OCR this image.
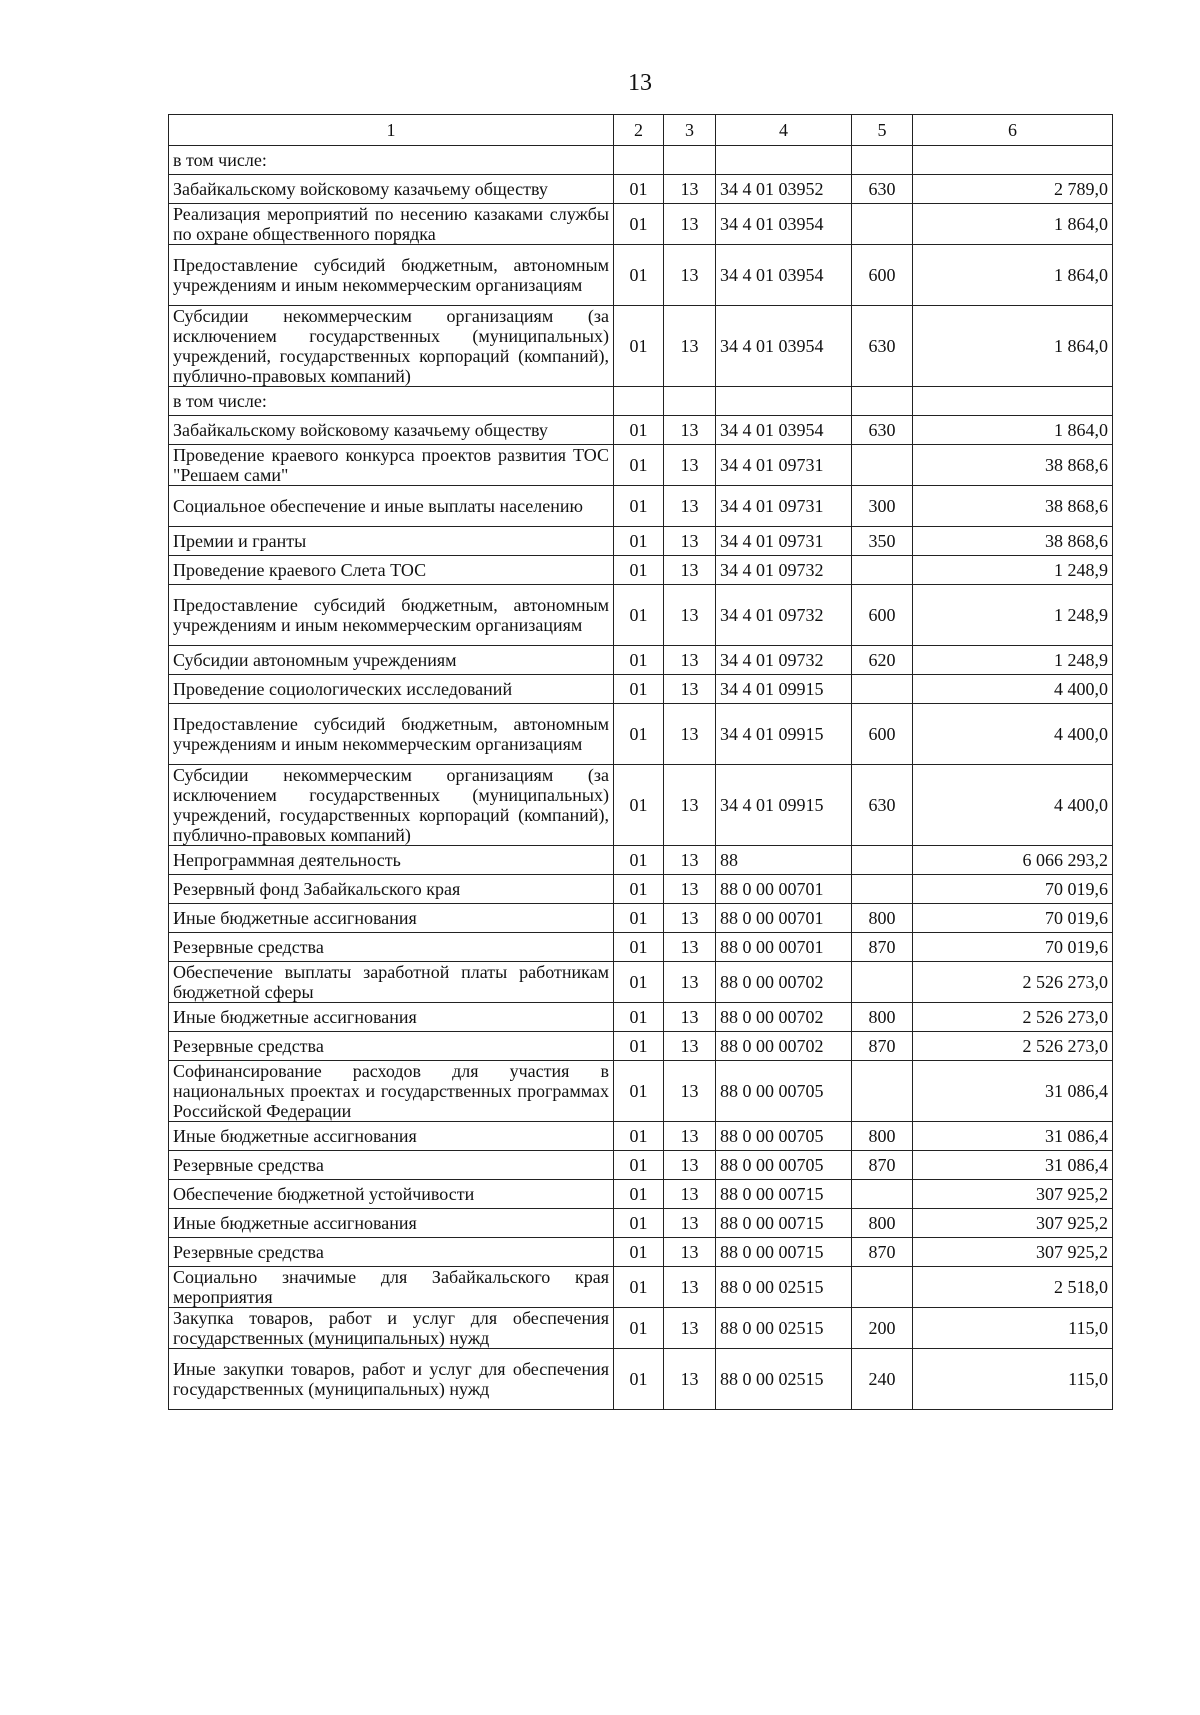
13
1	2	3	4	5	6
в том числе:					
Забайкальскому войсковому казачьему обществу	01	13	34 4 01 03952	630	2 789,0
Реализация мероприятий по несению казаками службы по охране общественного порядка	01	13	34 4 01 03954		1 864,0
Предоставление субсидий бюджетным, автономным учреждениям и иным некоммерческим организациям	01	13	34 4 01 03954	600	1 864,0
Субсидии некоммерческим организациям (за исключением государственных (муниципальных) учреждений, государственных корпораций (компаний), публично-правовых компаний)	01	13	34 4 01 03954	630	1 864,0
в том числе:					
Забайкальскому войсковому казачьему обществу	01	13	34 4 01 03954	630	1 864,0
Проведение краевого конкурса проектов развития ТОС "Решаем сами"	01	13	34 4 01 09731		38 868,6
Социальное обеспечение и иные выплаты населению	01	13	34 4 01 09731	300	38 868,6
Премии и гранты	01	13	34 4 01 09731	350	38 868,6
Проведение краевого Слета ТОС	01	13	34 4 01 09732		1 248,9
Предоставление субсидий бюджетным, автономным учреждениям и иным некоммерческим организациям	01	13	34 4 01 09732	600	1 248,9
Субсидии автономным учреждениям	01	13	34 4 01 09732	620	1 248,9
Проведение социологических исследований	01	13	34 4 01 09915		4 400,0
Предоставление субсидий бюджетным, автономным учреждениям и иным некоммерческим организациям	01	13	34 4 01 09915	600	4 400,0
Субсидии некоммерческим организациям (за исключением государственных (муниципальных) учреждений, государственных корпораций (компаний), публично-правовых компаний)	01	13	34 4 01 09915	630	4 400,0
Непрограммная деятельность	01	13	88		6 066 293,2
Резервный фонд Забайкальского края	01	13	88 0 00 00701		70 019,6
Иные бюджетные ассигнования	01	13	88 0 00 00701	800	70 019,6
Резервные средства	01	13	88 0 00 00701	870	70 019,6
Обеспечение выплаты заработной платы работникам бюджетной сферы	01	13	88 0 00 00702		2 526 273,0
Иные бюджетные ассигнования	01	13	88 0 00 00702	800	2 526 273,0
Резервные средства	01	13	88 0 00 00702	870	2 526 273,0
Софинансирование расходов для участия в национальных проектах и государственных программах Российской Федерации	01	13	88 0 00 00705		31 086,4
Иные бюджетные ассигнования	01	13	88 0 00 00705	800	31 086,4
Резервные средства	01	13	88 0 00 00705	870	31 086,4
Обеспечение бюджетной устойчивости	01	13	88 0 00 00715		307 925,2
Иные бюджетные ассигнования	01	13	88 0 00 00715	800	307 925,2
Резервные средства	01	13	88 0 00 00715	870	307 925,2
Социально значимые для Забайкальского края мероприятия	01	13	88 0 00 02515		2 518,0
Закупка товаров, работ и услуг для обеспечения государственных (муниципальных) нужд	01	13	88 0 00 02515	200	115,0
Иные закупки товаров, работ и услуг для обеспечения государственных (муниципальных) нужд	01	13	88 0 00 02515	240	115,0
